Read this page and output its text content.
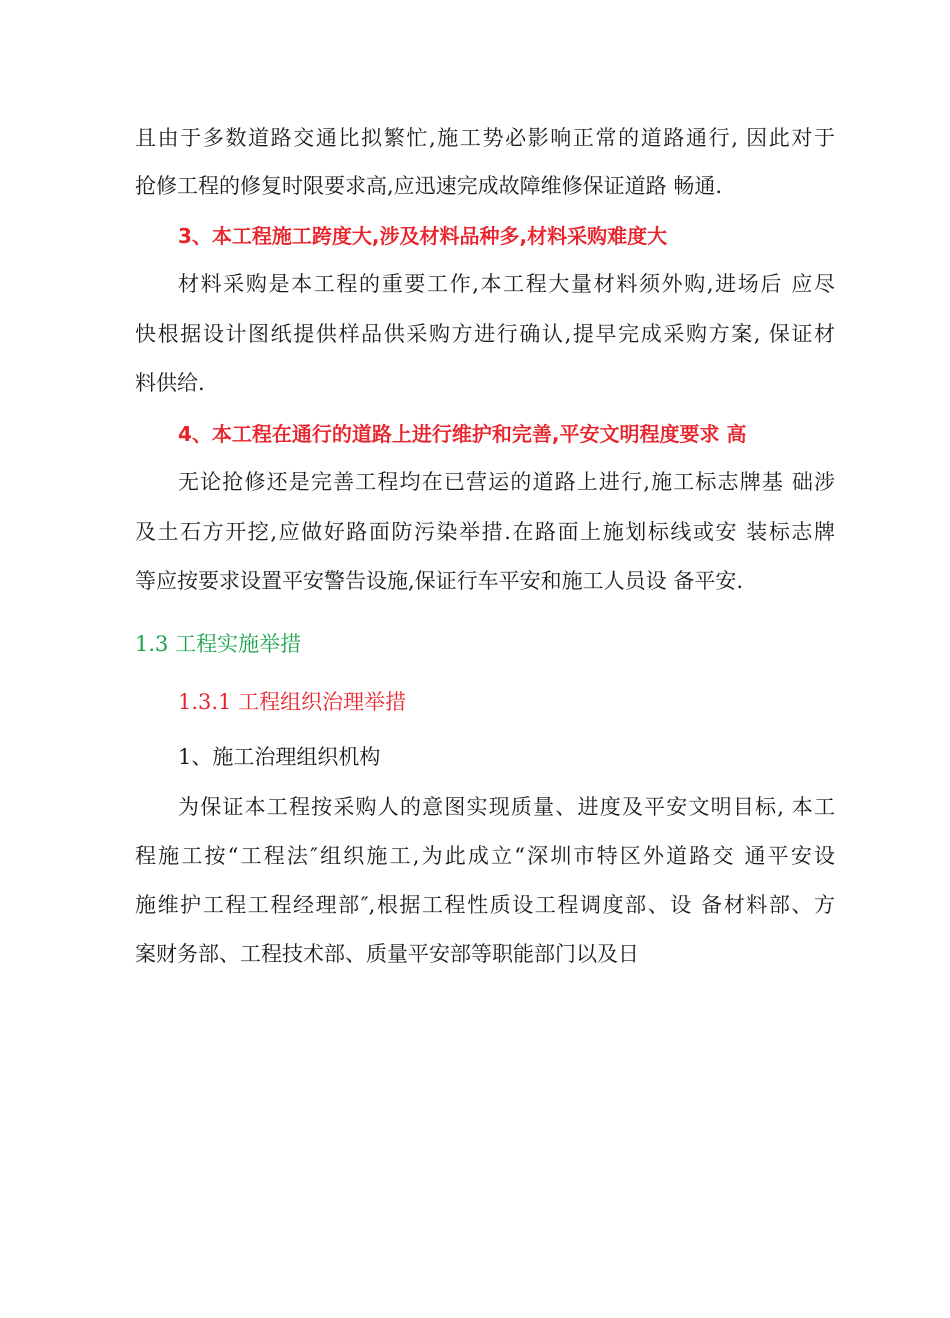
且由于多数道路交通比拟繁忙,施工势必影响正常的道路通行, 因此对于
抢修工程的修复时限要求高,应迅速完成故障维修保证道路 畅通.
3、本工程施工跨度大,涉及材料品种多,材料采购难度大
材料采购是本工程的重要工作,本工程大量材料须外购,进场后 应尽
快根据设计图纸提供样品供采购方进行确认,提早完成采购方案, 保证材
料供给.
4、本工程在通行的道路上进行维护和完善,平安文明程度要求 高
无论抢修还是完善工程均在已营运的道路上进行,施工标志牌基 础涉
及土石方开挖,应做好路面防污染举措.在路面上施划标线或安 装标志牌
等应按要求设置平安警告设施,保证行车平安和施工人员设 备平安.
1.3 工程实施举措
1.3.1 工程组织治理举措
1、施工治理组织机构
为保证本工程按采购人的意图实现质量、进度及平安文明目标, 本工
程施工按“工程法″组织施工,为此成立“深圳市特区外道路交 通平安设
施维护工程工程经理部″,根据工程性质设工程调度部、设 备材料部、方
案财务部、工程技术部、质量平安部等职能部门以及日
